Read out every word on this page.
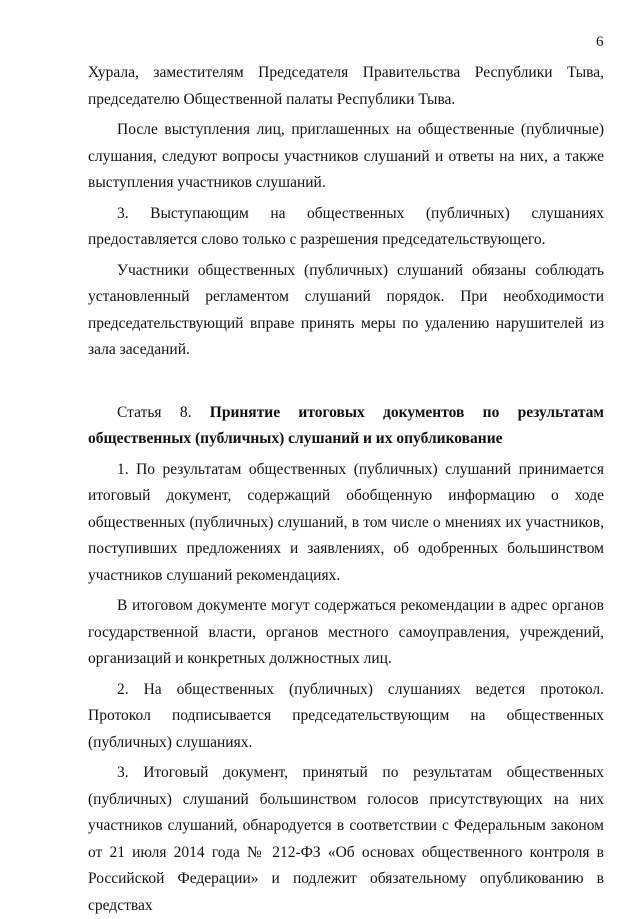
6

Хурала, заместителям Председателя Правительства Республики Тыва, председателю Общественной палаты Республики Тыва.

После выступления лиц, приглашенных на общественные (публичные) слушания, следуют вопросы участников слушаний и ответы на них, а также выступления участников слушаний.

3. Выступающим на общественных (публичных) слушаниях предоставляется слово только с разрешения председательствующего.

Участники общественных (публичных) слушаний обязаны соблюдать установленный регламентом слушаний порядок. При необходимости председательствующий вправе принять меры по удалению нарушителей из зала заседаний.

Статья 8. Принятие итоговых документов по результатам общественных (публичных) слушаний и их опубликование

1. По результатам общественных (публичных) слушаний принимается итоговый документ, содержащий обобщенную информацию о ходе общественных (публичных) слушаний, в том числе о мнениях их участников, поступивших предложениях и заявлениях, об одобренных большинством участников слушаний рекомендациях.

В итоговом документе могут содержаться рекомендации в адрес органов государственной власти, органов местного самоуправления, учреждений, организаций и конкретных должностных лиц.

2. На общественных (публичных) слушаниях ведется протокол. Протокол подписывается председательствующим на общественных (публичных) слушаниях.

3. Итоговый документ, принятый по результатам общественных (публичных) слушаний большинством голосов присутствующих на них участников слушаний, обнародуется в соответствии с Федеральным законом от 21 июля 2014 года № 212-ФЗ «Об основах общественного контроля в Российской Федерации» и подлежит обязательному опубликованию в средствах
